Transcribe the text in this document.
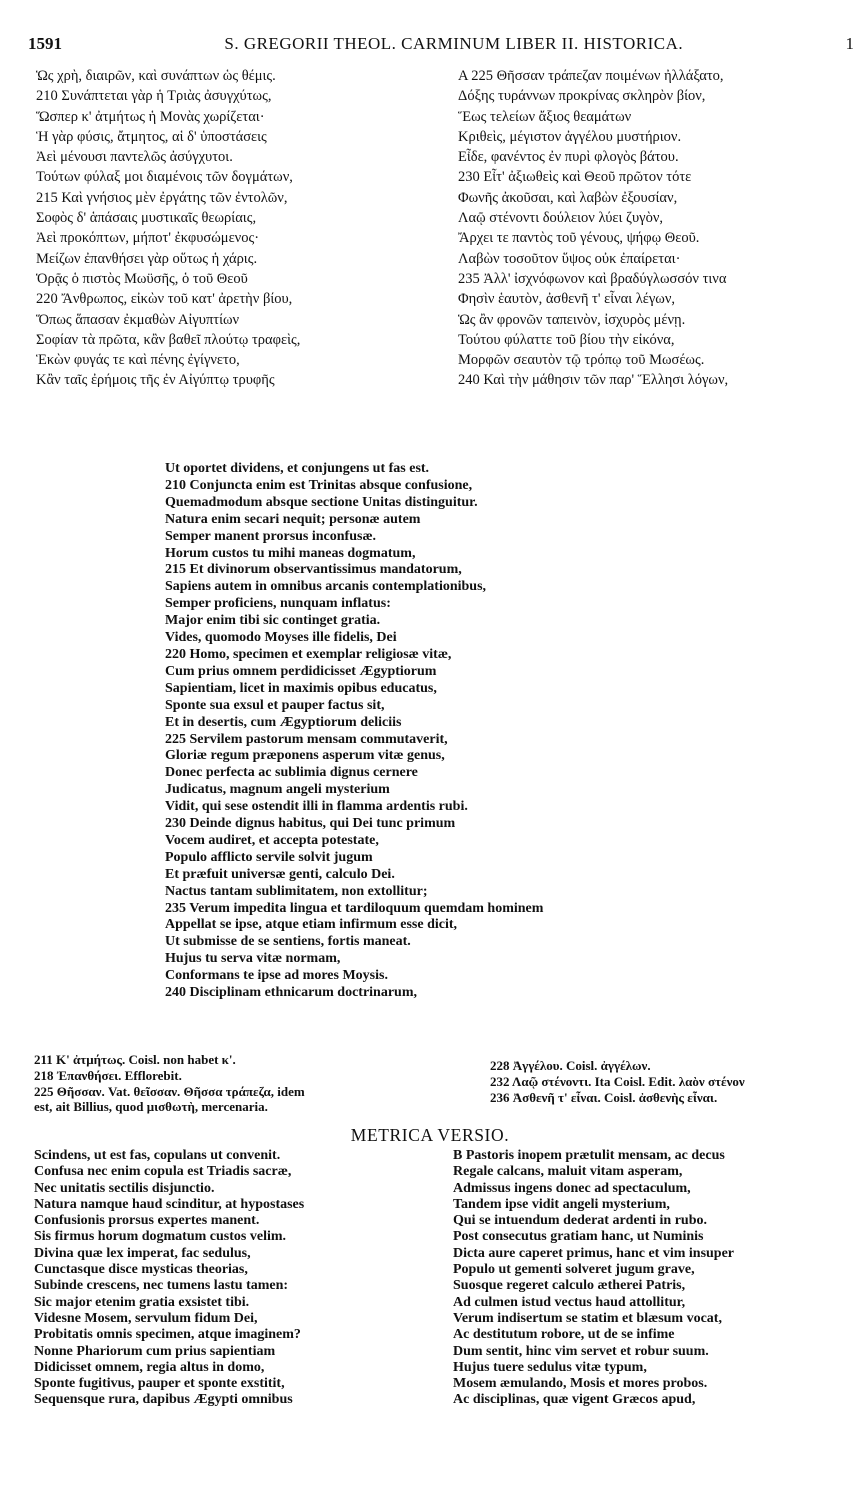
1591	S. GREGORII THEOL. CARMINUM LIBER II. HISTORICA.	1
Ὡς χρὴ, διαιρῶν, καὶ συνάπτων ὡς θέμις.
210 Συνάπτεται γὰρ ἡ Τριὰς ἀσυγχύτως,
Ὥσπερ κ' ἀτμήτως ἡ Μονὰς χωρίζεται·
Ἡ γὰρ φύσις, ἄτμητος, αἱ δ' ὑποστάσεις
Ἀεὶ μένουσι παντελῶς ἀσύγχυτοι.
Τούτων φύλαξ μοι διαμένοις τῶν δογμάτων,
215 Καὶ γνήσιος μὲν ἐργάτης τῶν ἐντολῶν,
Σοφὸς δ' ἁπάσαις μυστικαῖς θεωρίαις,
Ἀεὶ προκόπτων, μήποτ' ἐκφυσώμενος·
Μείζων ἐπανθήσει γὰρ οὕτως ἡ χάρις.
Ὁρᾷς ὁ πιστὸς Μωϋσῆς, ὁ τοῦ Θεοῦ
220 Ἄνθρωπος, εἰκὼν τοῦ κατ' ἀρετὴν βίου,
Ὅπως ἅπασαν ἐκμαθὼν Αἰγυπτίων
Σοφίαν τὰ πρῶτα, κἂν βαθεῖ πλούτῳ τραφεὶς,
Ἑκὼν φυγάς τε καὶ πένης ἐγίγνετο,
Κἂν ταῖς ἐρήμοις τῆς ἐν Αἰγύπτῳ τρυφῆς
A 225 Θῆσσαν τράπεζαν ποιμένων ἠλλάξατο,
Δόξης τυράννων προκρίνας σκληρὸν βίον,
Ἕως τελείων ἄξιος θεαμάτων
Κριθεὶς, μέγιστον ἀγγέλου μυστήριον.
Εἶδε, φανέντος ἐν πυρὶ φλογὸς βάτου.
230 Εἶτ' ἀξιωθεὶς καὶ Θεοῦ πρῶτον τότε
Φωνῆς ἀκοῦσαι, καὶ λαβὼν ἐξουσίαν,
Λαῷ στένοντι δούλειον λύει ζυγὸν,
Ἄρχει τε παντὸς τοῦ γένους, ψήφῳ Θεοῦ.
Λαβὼν τοσοῦτον ὕψος οὐκ ἐπαίρεται·
235 Ἀλλ' ἰσχνόφωνον καὶ βραδύγλωσσόν τινα
Φησὶν ἑαυτὸν, ἀσθενῆ τ' εἶναι λέγων,
Ὡς ἂν φρονῶν ταπεινὸν, ἰσχυρὸς μένῃ.
Τούτου φύλαττε τοῦ βίου τὴν εἰκόνα,
Μορφῶν σεαυτὸν τῷ τρόπῳ τοῦ Μωσέως.
240 Καὶ τὴν μάθησιν τῶν παρ' Ἕλλησι λόγων,
Ut oportet dividens, et conjungens ut fas est.
210 Conjuncta enim est Trinitas absque confusione,
Quemadmodum absque sectione Unitas distinguitur.
Natura enim secari nequit; personæ autem
Semper manent prorsus inconfusæ.
Horum custos tu mihi maneas dogmatum,
215 Et divinorum observantissimus mandatorum,
Sapiens autem in omnibus arcanis contemplationibus,
Semper proficiens, nunquam inflatus:
Major enim tibi sic continget gratia.
Vides, quomodo Moyses ille fidelis, Dei
220 Homo, specimen et exemplar religiosæ vitæ,
Cum prius omnem perdidicisset Ægyptiorum
Sapientiam, licet in maximis opibus educatus,
Sponte sua exsul et pauper factus sit,
Et in desertis, cum Ægyptiorum deliciis
225 Servilem pastorum mensam commutaverit,
Gloriæ regum præponens asperum vitæ genus,
Donec perfecta ac sublimia dignus cernere
Judicatus, magnum angeli mysterium
Vidit, qui sese ostendit illi in flamma ardentis rubi.
230 Deinde dignus habitus, qui Dei tunc primum
Vocem audiret, et accepta potestate,
Populo afflicto servile solvit jugum
Et præfuit universæ genti, calculo Dei.
Nactus tantam sublimitatem, non extollitur;
235 Verum impedita lingua et tardiloquum quemdam hominem
Appellat se ipse, atque etiam infirmum esse dicit,
Ut submisse de se sentiens, fortis maneat.
Hujus tu serva vitæ normam,
Conformans te ipse ad mores Moysis.
240 Disciplinam ethnicarum doctrinarum,
211 Κ' ἀτμήτως. Coisl. non habet κ'.
218 Ἐπανθήσει. Efflorebit.
225 Θῆσσαν. Vat. θεῖσσαν. Θῆσσα τράπεζα, idem
est, ait Billius, quod μισθωτὴ, mercenaria.
228 Ἀγγέλου. Coisl. ἀγγέλων.
232 Λαῷ στένοντι. Ita Coisl. Edit. λαὸν στένον
236 Ἀσθενῆ τ' εἶναι. Coisl. ἀσθενὴς εἶναι.
METRICA VERSIO.
Scindens, ut est fas, copulans ut convenit.
Confusa nec enim copula est Triadis sacræ,
Nec unitatis sectilis disjunctio.
Natura namque haud scinditur, at hypostases
Confusionis prorsus expertes manent.
Sis firmus horum dogmatum custos velim.
Divina quæ lex imperat, fac sedulus,
Cunctasque disce mysticas theorias,
Subinde crescens, nec tumens lastu tamen:
Sic major etenim gratia exsistet tibi.
Videsne Mosem, servulum fidum Dei,
Probitatis omnis specimen, atque imaginem?
Nonne Phariorum cum prius sapientiam
Didicisset omnem, regia altus in domo,
Sponte fugitivus, pauper et sponte exstitit,
Sequensque rura, dapibus Ægypti omnibus
B Pastoris inopem prætulit mensam, ac decus
Regale calcans, maluit vitam asperam,
Admissus ingens donec ad spectaculum,
Tandem ipse vidit angeli mysterium,
Qui se intuendum dederat ardenti in rubo.
Post consecutus gratiam hanc, ut Numinis
Dicta aure caperet primus, hanc et vim insuper
Populo ut gementi solveret jugum grave,
Suosque regeret calculo ætherei Patris,
Ad culmen istud vectus haud attollitur,
Verum indisertum se statim et blæsum vocat,
Ac destitutum robore, ut de se infime
Dum sentit, hinc vim servet et robur suum.
Hujus tuere sedulus vitæ typum,
Mosem æmulando, Mosis et mores probos.
Ac disciplinas, quæ vigent Græcos apud,
